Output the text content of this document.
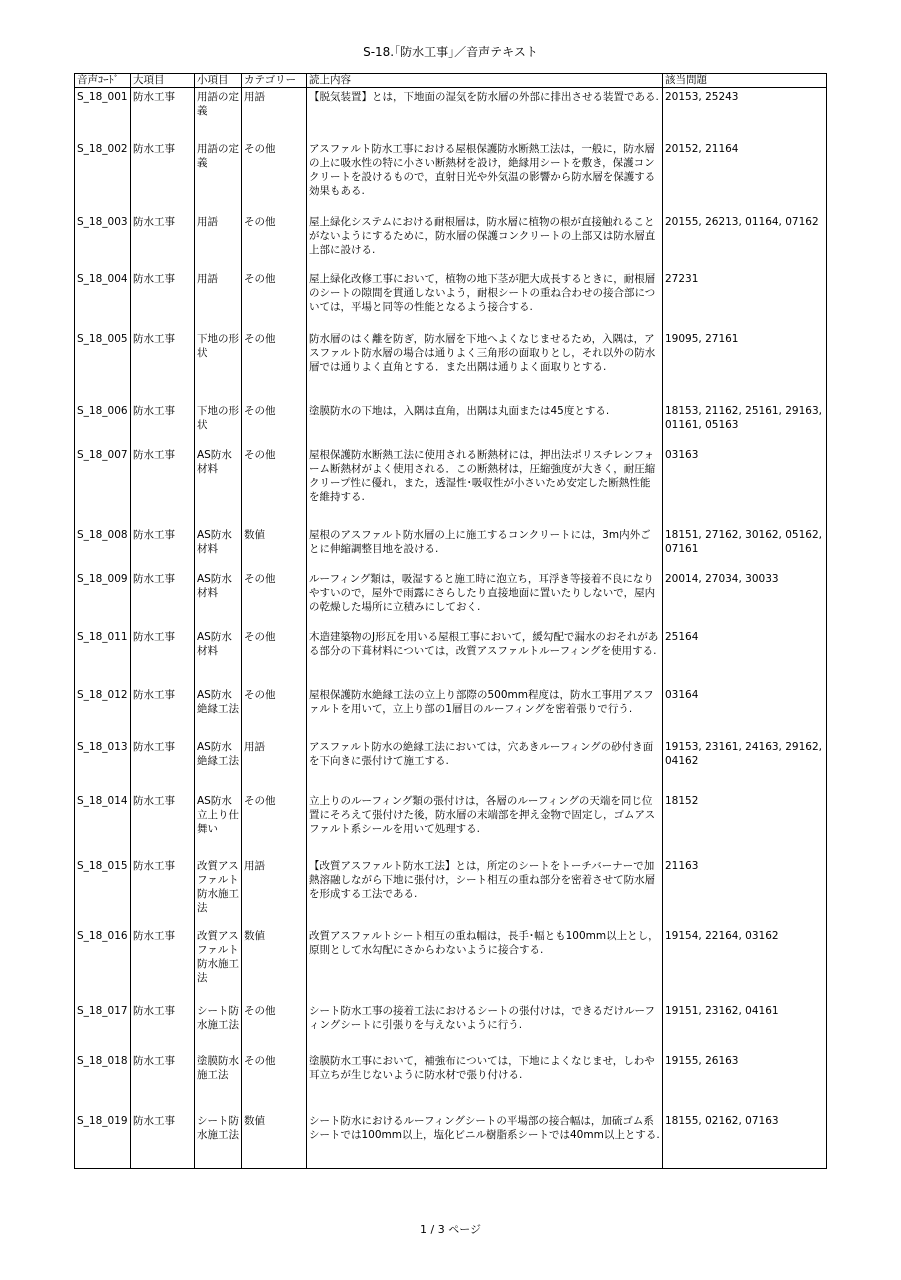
S-18.｢防水工事｣／音声テキスト
音声ｺｰﾄﾞ	大項目	小項目	カテゴリー	読上内容	該当問題
S_18_001	防水工事	用語の定義	用語	【脱気装置】とは，下地面の湿気を防水層の外部に排出させる装置である.	20153, 25243
S_18_002	防水工事	用語の定義	その他	アスファルト防水工事における屋根保護防水断熱工法は，一般に，防水層の上に吸水性の特に小さい断熱材を設け，絶縁用シートを敷き，保護コンクリートを設けるもので，直射日光や外気温の影響から防水層を保護する効果もある.	20152, 21164
S_18_003	防水工事	用語	その他	屋上緑化システムにおける耐根層は，防水層に植物の根が直接触れることがないようにするために，防水層の保護コンクリートの上部又は防水層直上部に設ける.	20155, 26213, 01164, 07162
S_18_004	防水工事	用語	その他	屋上緑化改修工事において，植物の地下茎が肥大成長するときに，耐根層のシートの隙間を貫通しないよう，耐根シートの重ね合わせの接合部については，平場と同等の性能となるよう接合する.	27231
S_18_005	防水工事	下地の形状	その他	防水層のはく離を防ぎ，防水層を下地へよくなじませるため，入隅は，アスファルト防水層の場合は通りよく三角形の面取りとし，それ以外の防水層では通りよく直角とする．また出隅は通りよく面取りとする.	19095, 27161
S_18_006	防水工事	下地の形状	その他	塗膜防水の下地は，入隅は直角，出隅は丸面または45度とする.	18153, 21162, 25161, 29163, 01161, 05163
S_18_007	防水工事	AS防水材料	その他	屋根保護防水断熱工法に使用される断熱材には，押出法ポリスチレンフォーム断熱材がよく使用される．この断熱材は，圧縮強度が大きく，耐圧縮クリープ性に優れ，また，透湿性･吸収性が小さいため安定した断熱性能を維持する.	03163
S_18_008	防水工事	AS防水材料	数値	屋根のアスファルト防水層の上に施工するコンクリートには，3m内外ごとに伸縮調整目地を設ける.	18151, 27162, 30162, 05162, 07161
S_18_009	防水工事	AS防水材料	その他	ルーフィング類は，吸湿すると施工時に泡立ち，耳浮き等接着不良になりやすいので，屋外で雨露にさらしたり直接地面に置いたりしないで，屋内の乾燥した場所に立積みにしておく.	20014, 27034, 30033
S_18_011	防水工事	AS防水材料	その他	木造建築物のJ形瓦を用いる屋根工事において，緩勾配で漏水のおそれがある部分の下葺材料については，改質アスファルトルーフィングを使用する.	25164
S_18_012	防水工事	AS防水絶縁工法	その他	屋根保護防水絶縁工法の立上り部際の500mm程度は，防水工事用アスファルトを用いて，立上り部の1層目のルーフィングを密着張りで行う.	03164
S_18_013	防水工事	AS防水絶縁工法	用語	アスファルト防水の絶縁工法においては，穴あきルーフィングの砂付き面を下向きに張付けて施工する.	19153, 23161, 24163, 29162, 04162
S_18_014	防水工事	AS防水立上り仕舞い	その他	立上りのルーフィング類の張付けは，各層のルーフィングの天端を同じ位置にそろえて張付けた後，防水層の末端部を押え金物で固定し，ゴムアスファルト系シールを用いて処理する.	18152
S_18_015	防水工事	改質アスファルト防水施工法	用語	【改質アスファルト防水工法】とは，所定のシートをトーチバーナーで加熱溶融しながら下地に張付け，シート相互の重ね部分を密着させて防水層を形成する工法である.	21163
S_18_016	防水工事	改質アスファルト防水施工法	数値	改質アスファルトシート相互の重ね幅は，長手･幅とも100mm以上とし，原則として水勾配にさからわないように接合する.	19154, 22164, 03162
S_18_017	防水工事	シート防水施工法	その他	シート防水工事の接着工法におけるシートの張付けは，できるだけルーフィングシートに引張りを与えないように行う.	19151, 23162, 04161
S_18_018	防水工事	塗膜防水施工法	その他	塗膜防水工事において，補強布については，下地によくなじませ，しわや耳立ちが生じないように防水材で張り付ける.	19155, 26163
S_18_019	防水工事	シート防水施工法	数値	シート防水におけるルーフィングシートの平場部の接合幅は，加硫ゴム系シートでは100mm以上，塩化ビニル樹脂系シートでは40mm以上とする.	18155, 02162, 07163
1 / 3 ページ
